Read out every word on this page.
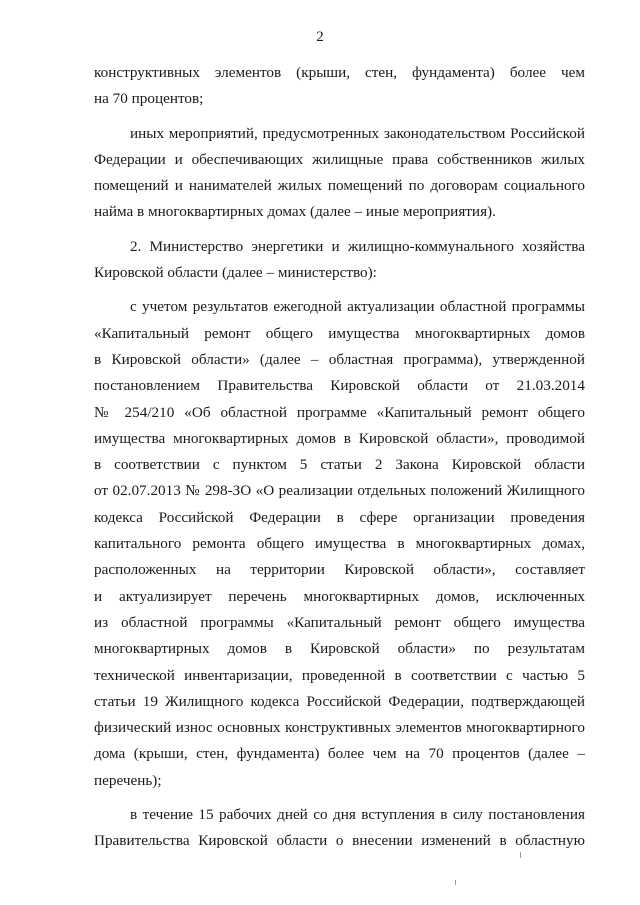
2
конструктивных элементов (крыши, стен, фундамента) более чем
на 70 процентов;
иных мероприятий, предусмотренных законодательством Российской
Федерации и обеспечивающих жилищные права собственников жилых
помещений и нанимателей жилых помещений по договорам социального
найма в многоквартирных домах (далее – иные мероприятия).
2. Министерство энергетики и жилищно-коммунального хозяйства
Кировской области (далее – министерство):
с учетом результатов ежегодной актуализации областной программы
«Капитальный ремонт общего имущества многоквартирных домов
в Кировской области» (далее – областная программа), утвержденной
постановлением Правительства Кировской области от 21.03.2014
№ 254/210 «Об областной программе «Капитальный ремонт общего
имущества многоквартирных домов в Кировской области», проводимой
в соответствии с пунктом 5 статьи 2 Закона Кировской области
от 02.07.2013 № 298-ЗО «О реализации отдельных положений Жилищного
кодекса Российской Федерации в сфере организации проведения
капитального ремонта общего имущества в многоквартирных домах,
расположенных на территории Кировской области», составляет
и актуализирует перечень многоквартирных домов, исключенных
из областной программы «Капитальный ремонт общего имущества
многоквартирных домов в Кировской области» по результатам
технической инвентаризации, проведенной в соответствии с частью 5
статьи 19 Жилищного кодекса Российской Федерации, подтверждающей
физический износ основных конструктивных элементов многоквартирного
дома (крыши, стен, фундамента) более чем на 70 процентов (далее –
перечень);
в течение 15 рабочих дней со дня вступления в силу постановления
Правительства Кировской области о внесении изменений в областную
